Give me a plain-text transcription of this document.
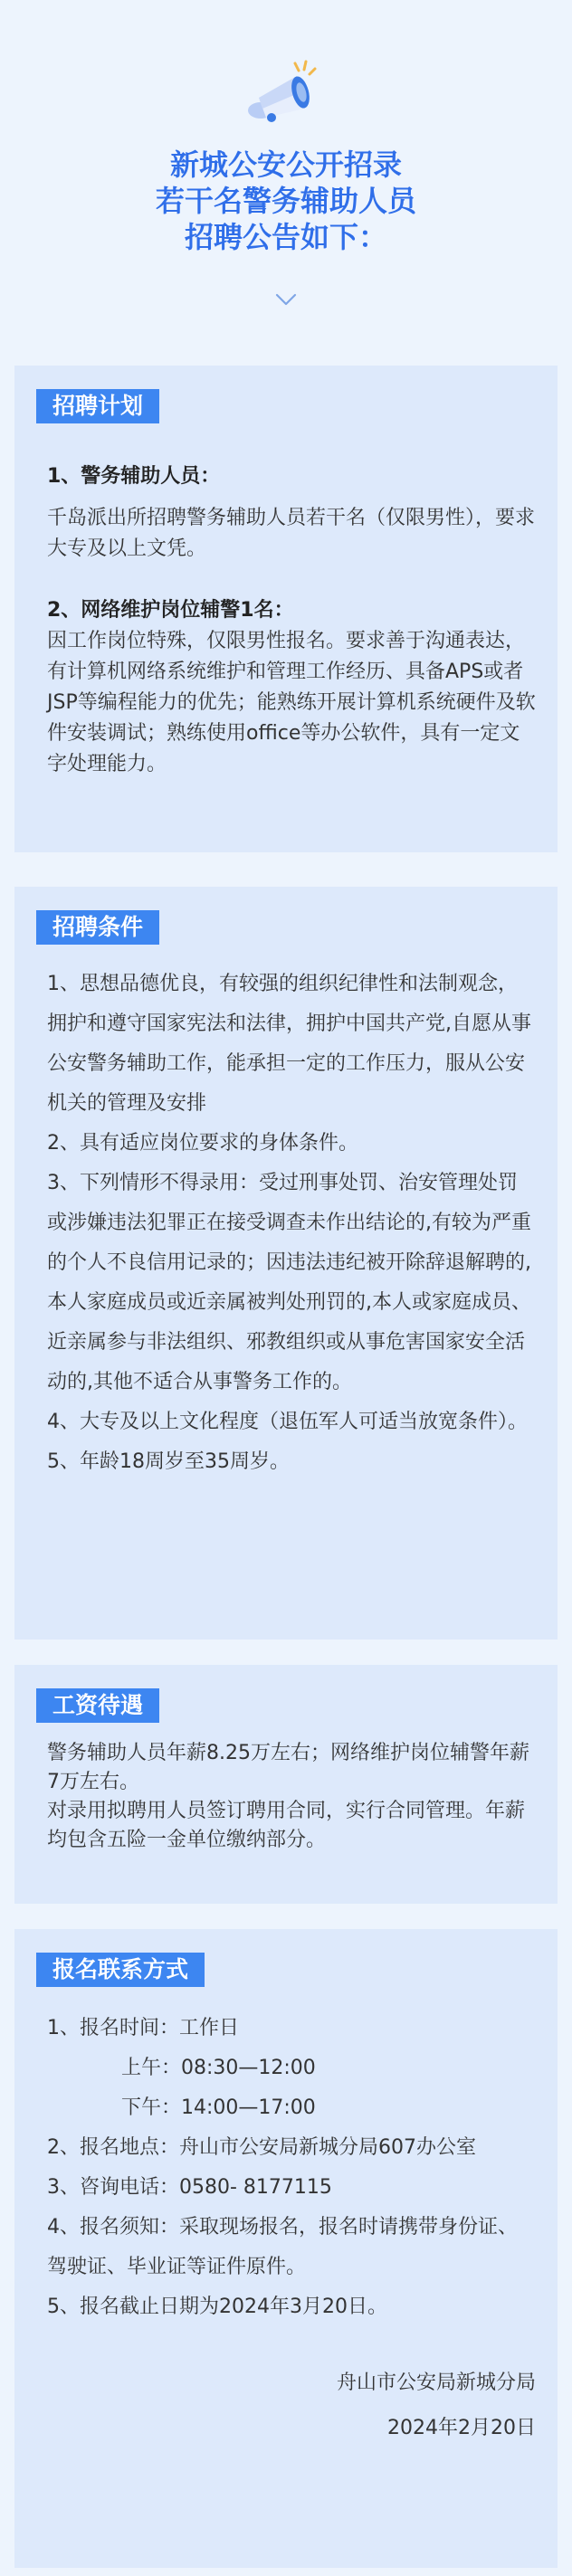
新城公安公开招录
若干名警务辅助人员
招聘公告如下：
招聘计划

1、警务辅助人员：

千岛派出所招聘警务辅助人员若干名（仅限男性），要求大专及以上文凭。

2、网络维护岗位辅警1名：

因工作岗位特殊，仅限男性报名。要求善于沟通表达，有计算机网络系统维护和管理工作经历、具备APS或者JSP等编程能力的优先；能熟练开展计算机系统硬件及软件安装调试；熟练使用office等办公软件，具有一定文字处理能力。

招聘条件

1、思想品德优良，有较强的组织纪律性和法制观念，拥护和遵守国家宪法和法律，拥护中国共产党,自愿从事公安警务辅助工作，能承担一定的工作压力，服从公安机关的管理及安排

2、具有适应岗位要求的身体条件。

3、下列情形不得录用：受过刑事处罚、治安管理处罚或涉嫌违法犯罪正在接受调查未作出结论的,有较为严重的个人不良信用记录的；因违法违纪被开除辞退解聘的,本人家庭成员或近亲属被判处刑罚的,本人或家庭成员、近亲属参与非法组织、邪教组织或从事危害国家安全活动的,其他不适合从事警务工作的。

4、大专及以上文化程度（退伍军人可适当放宽条件）。

5、年龄18周岁至35周岁。

工资待遇

警务辅助人员年薪8.25万左右；网络维护岗位辅警年薪7万左右。

对录用拟聘用人员签订聘用合同，实行合同管理。年薪均包含五险一金单位缴纳部分。

报名联系方式

1、报名时间：工作日

上午：08:30—12:00

下午：14:00—17:00

2、报名地点：舟山市公安局新城分局607办公室

3、咨询电话：0580- 8177115

4、报名须知：采取现场报名，报名时请携带身份证、驾驶证、毕业证等证件原件。

5、报名截止日期为2024年3月20日。

舟山市公安局新城分局

2024年2月20日
